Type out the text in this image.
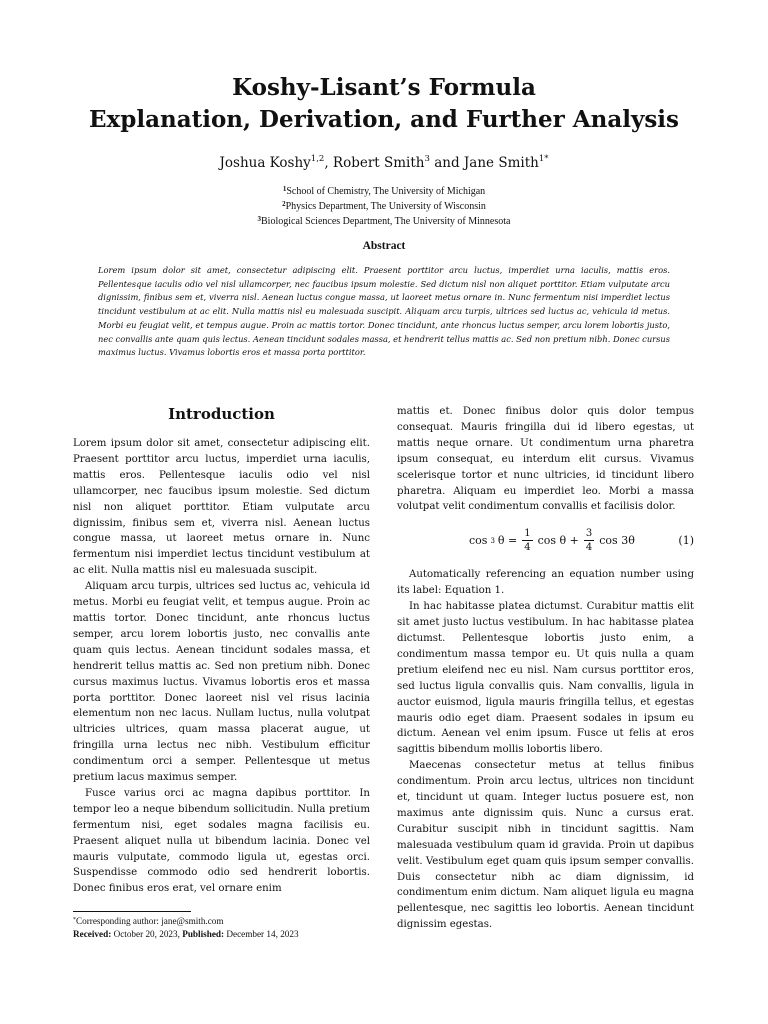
Koshy-Lisant’s Formula
Explanation, Derivation, and Further Analysis
Joshua Koshy$^{1,2}$, Robert Smith$^3$ and Jane Smith$^{1*}$
$^1$School of Chemistry, The University of Michigan
$^2$Physics Department, The University of Wisconsin
$^3$Biological Sciences Department, The University of Minnesota
Abstract
Lorem ipsum dolor sit amet, consectetur adipiscing elit. Praesent porttitor arcu luctus, imperdiet urna iaculis, mattis eros. Pellentesque iaculis odio vel nisl ullamcorper, nec faucibus ipsum molestie. Sed dictum nisl non aliquet porttitor. Etiam vulputate arcu dignissim, finibus sem et, viverra nisl. Aenean luctus congue massa, ut laoreet metus ornare in. Nunc fermentum nisi imperdiet lectus tincidunt vestibulum at ac elit. Nulla mattis nisl eu malesuada suscipit. Aliquam arcu turpis, ultrices sed luctus ac, vehicula id metus. Morbi eu feugiat velit, et tempus augue. Proin ac mattis tortor. Donec tincidunt, ante rhoncus luctus semper, arcu lorem lobortis justo, nec convallis ante quam quis lectus. Aenean tincidunt sodales massa, et hendrerit tellus mattis ac. Sed non pretium nibh. Donec cursus maximus luctus. Vivamus lobortis eros et massa porta porttitor.
Introduction

Lorem ipsum dolor sit amet, consectetur adipiscing elit. Praesent porttitor arcu luctus, imperdiet urna iaculis, mattis eros. Pellentesque iaculis odio vel nisl ullamcorper, nec faucibus ipsum molestie. Sed dictum nisl non aliquet porttitor. Etiam vulputate arcu dignissim, finibus sem et, viverra nisl. Aenean luctus congue massa, ut laoreet metus ornare in. Nunc fermentum nisi imperdiet lectus tincidunt vestibulum at ac elit. Nulla mattis nisl eu malesuada suscipit.

Aliquam arcu turpis, ultrices sed luctus ac, vehicula id metus. Morbi eu feugiat velit, et tempus augue. Proin ac mattis tortor. Donec tincidunt, ante rhoncus luctus semper, arcu lorem lobortis justo, nec convallis ante quam quis lectus. Aenean tincidunt sodales massa, et hendrerit tellus mattis ac. Sed non pretium nibh. Donec cursus maximus luctus. Vivamus lobortis eros et massa porta porttitor. Donec laoreet nisl vel risus lacinia elementum non nec lacus. Nullam luctus, nulla volutpat ultricies ultrices, quam massa placerat augue, ut fringilla urna lectus nec nibh. Vestibulum efficitur condimentum orci a semper. Pellentesque ut metus pretium lacus maximus semper.

Fusce varius orci ac magna dapibus porttitor. In tempor leo a neque bibendum sollicitudin. Nulla pretium fermentum nisi, eget sodales magna facilisis eu. Praesent aliquet nulla ut bibendum lacinia. Donec vel mauris vulputate, commodo ligula ut, egestas orci. Suspendisse commodo odio sed hendrerit lobortis. Donec finibus eros erat, vel ornare enim

mattis et. Donec finibus dolor quis dolor tempus consequat. Mauris fringilla dui id libero egestas, ut mattis neque ornare. Ut condimentum urna pharetra ipsum consequat, eu interdum elit cursus. Vivamus scelerisque tortor et nunc ultricies, id tincidunt libero pharetra. Aliquam eu imperdiet leo. Morbi a massa volutpat velit condimentum convallis et facilisis dolor.

cos 3 $\theta = \frac{1}{4}$ $\cos \theta + \frac{3}{4}$ cos 3θ	(1)

Automatically referencing an equation number using its label: Equation 1.

In hac habitasse platea dictumst. Curabitur mattis elit sit amet justo luctus vestibulum. In hac habitasse platea dictumst. Pellentesque lobortis justo enim, a condimentum massa tempor eu. Ut quis nulla a quam pretium eleifend nec eu nisl. Nam cursus porttitor eros, sed luctus ligula convallis quis. Nam convallis, ligula in auctor euismod, ligula mauris fringilla tellus, et egestas mauris odio eget diam. Praesent sodales in ipsum eu dictum. Aenean vel enim ipsum. Fusce ut felis at eros sagittis bibendum mollis lobortis libero.

Maecenas consectetur metus at tellus finibus condimentum. Proin arcu lectus, ultrices non tincidunt et, tincidunt ut quam. Integer luctus posuere est, non maximus ante dignissim quis. Nunc a cursus erat. Curabitur suscipit nibh in tincidunt sagittis. Nam malesuada vestibulum quam id gravida. Proin ut dapibus velit. Vestibulum eget quam quis ipsum semper convallis. Duis consectetur nibh ac diam dignissim, id condimentum enim dictum. Nam aliquet ligula eu magna pellentesque, nec sagittis leo lobortis. Aenean tincidunt dignissim egestas.

*Corresponding author: jane@smith.com
Received: October 20, 2023, Published: December 14, 2023
